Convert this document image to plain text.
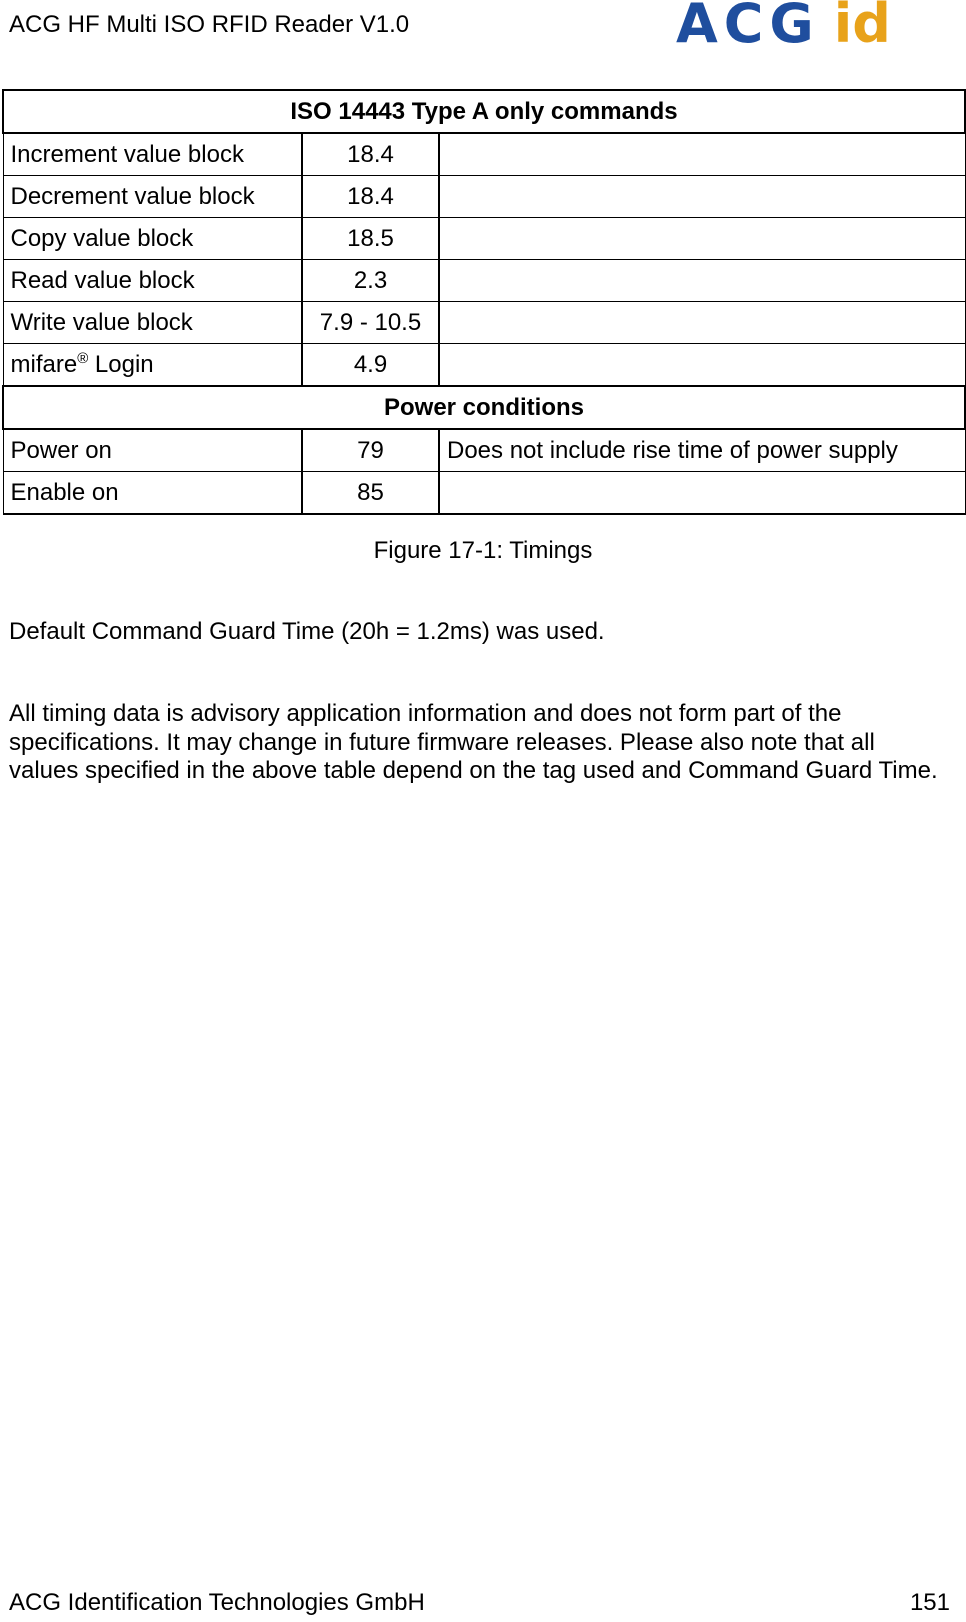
ACG HF Multi ISO RFID Reader V1.0	ACG id
ISO 14443 Type A only commands		
Increment value block	18.4	
Decrement value block	18.4	
Copy value block	18.5	
Read value block	2.3	
Write value block	7.9 - 10.5	
mifare® Login	4.9	
Power conditions		
Power on	79	Does not include rise time of power supply
Enable on	85	
Figure 17-1: Timings
Default Command Guard Time (20h = 1.2ms) was used.
All timing data is advisory application information and does not form part of the specifications. It may change in future firmware releases. Please also note that all values specified in the above table depend on the tag used and Command Guard Time.
ACG Identification Technologies GmbH	151
